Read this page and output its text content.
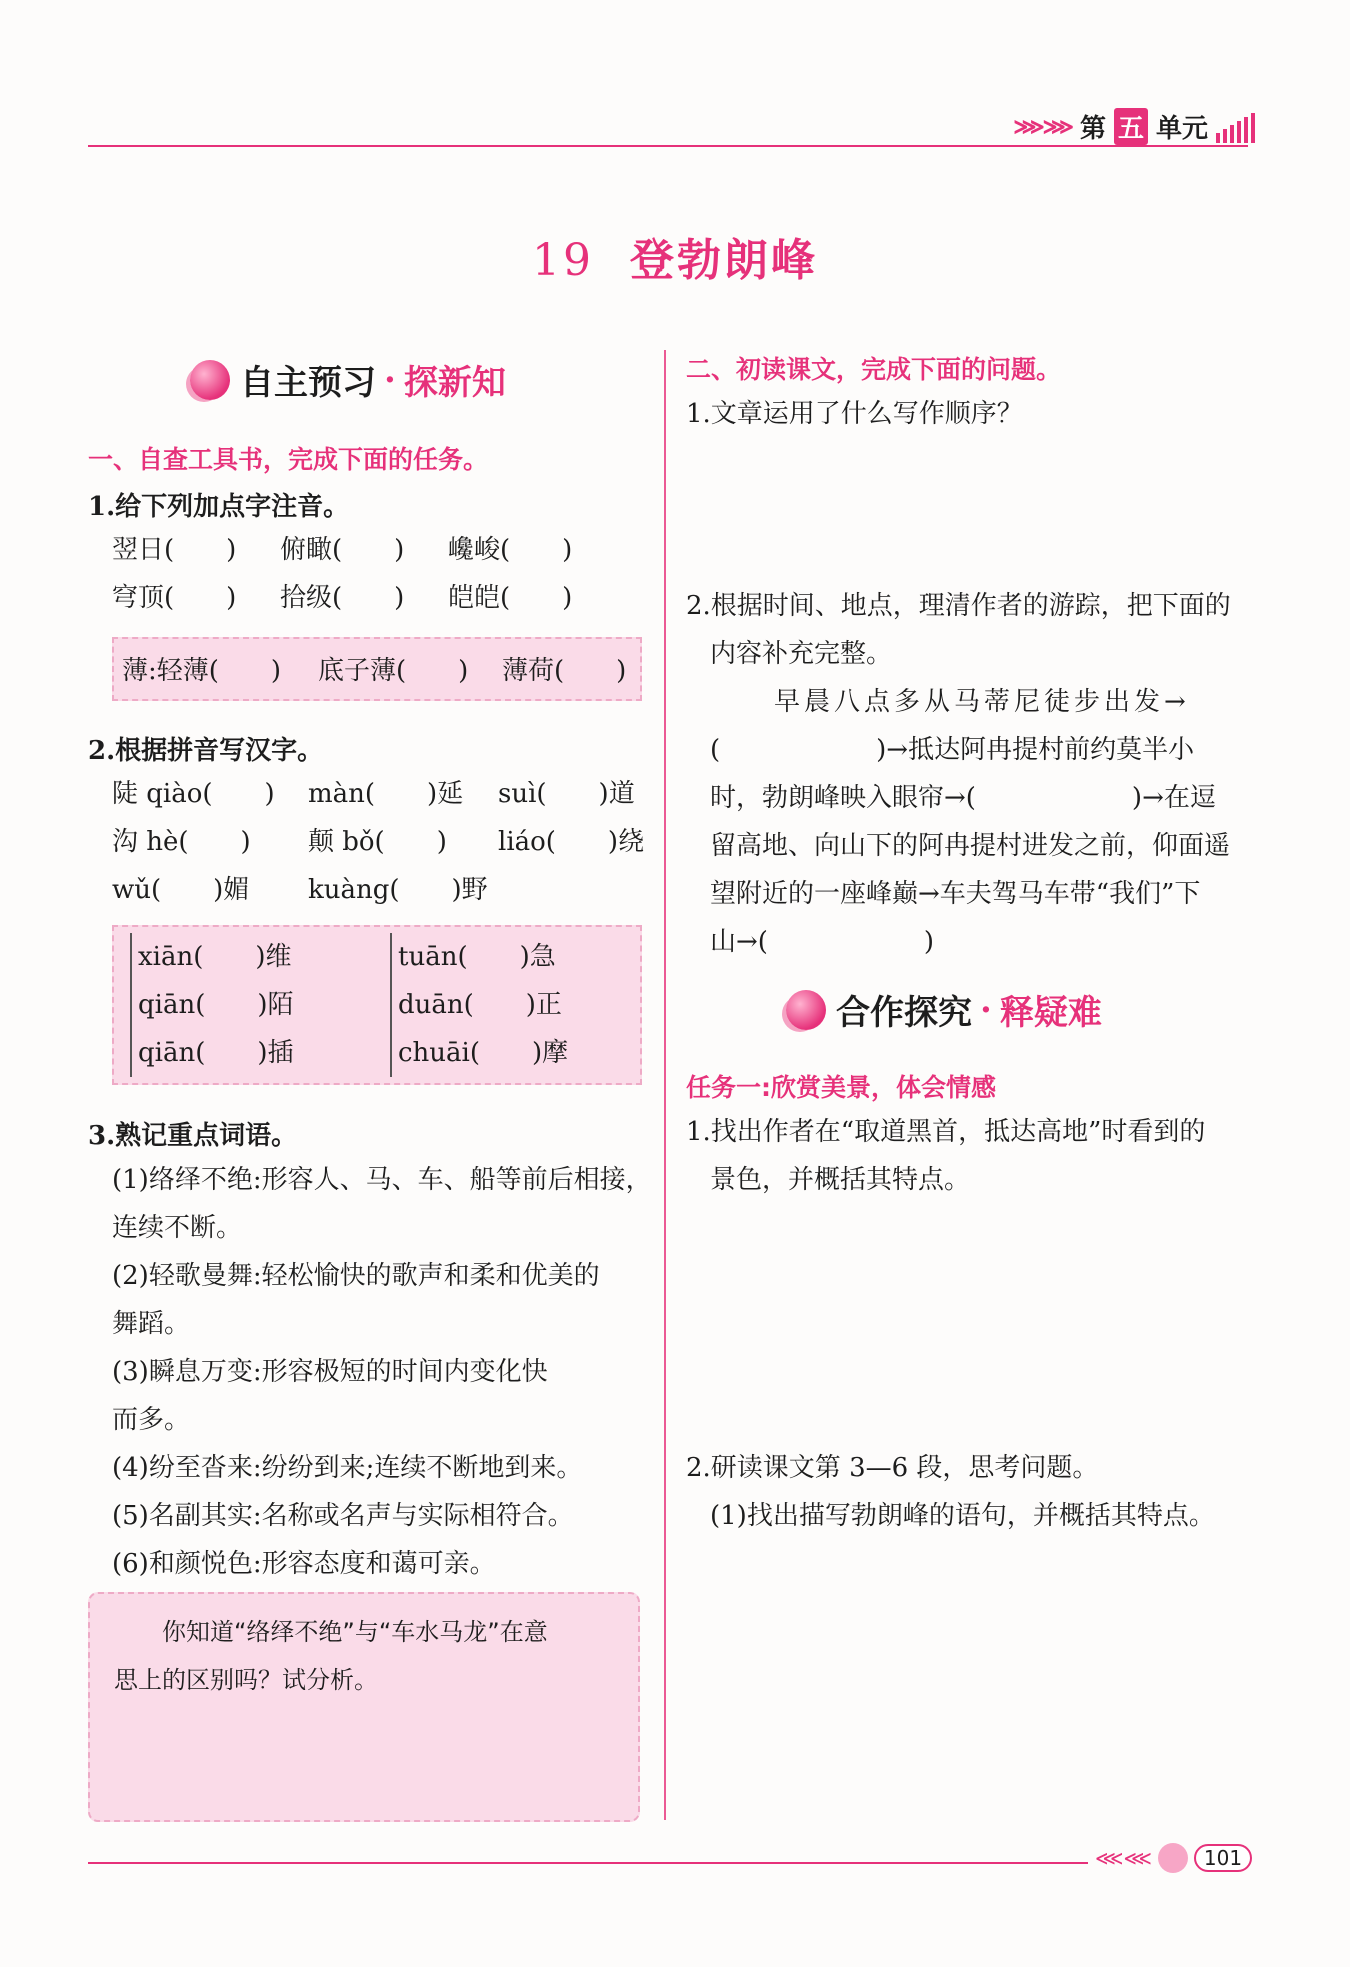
⋙⋙ 第 五 单元
19 登勃朗峰
自主预习 · 探新知
一、自查工具书，完成下面的任务。
1.给下列加点字注音。
翌日(　　) 俯瞰(　　) 巉峻(　　)
穹顶(　　) 拾级(　　) 皑皑(　　)
薄:轻薄(　　) 底子薄(　　) 薄荷(　　)
2.根据拼音写汉字。
陡 qiào(　　) màn(　　)延 suì(　　)道
沟 hè(　　) 颠 bǒ(　　) liáo(　　)绕
wǔ(　　)媚 kuàng(　　)野
xiān(　　)维
qiān(　　)陌
qiān(　　)插
tuān(　　)急
duān(　　)正
chuāi(　　)摩
3.熟记重点词语。
(1)络绎不绝:形容人、马、车、船等前后相接，
连续不断。
(2)轻歌曼舞:轻松愉快的歌声和柔和优美的
舞蹈。
(3)瞬息万变:形容极短的时间内变化快
而多。
(4)纷至沓来:纷纷到来;连续不断地到来。
(5)名副其实:名称或名声与实际相符合。
(6)和颜悦色:形容态度和蔼可亲。
你知道“络绎不绝”与“车水马龙”在意
思上的区别吗？试分析。
二、初读课文，完成下面的问题。
1.文章运用了什么写作顺序？
2.根据时间、地点，理清作者的游踪，把下面的
内容补充完整。
早晨八点多从马蒂尼徒步出发→
(　　　　　　)→抵达阿冉提村前约莫半小
时，勃朗峰映入眼帘→(　　　　　　)→在逗
留高地、向山下的阿冉提村进发之前，仰面遥
望附近的一座峰巅→车夫驾马车带“我们”下
山→(　　　　　　)
合作探究 · 释疑难
任务一:欣赏美景，体会情感
1.找出作者在“取道黑首，抵达高地”时看到的
景色，并概括其特点。
2.研读课文第 3—6 段，思考问题。
(1)找出描写勃朗峰的语句，并概括其特点。
⋘⋘	101
